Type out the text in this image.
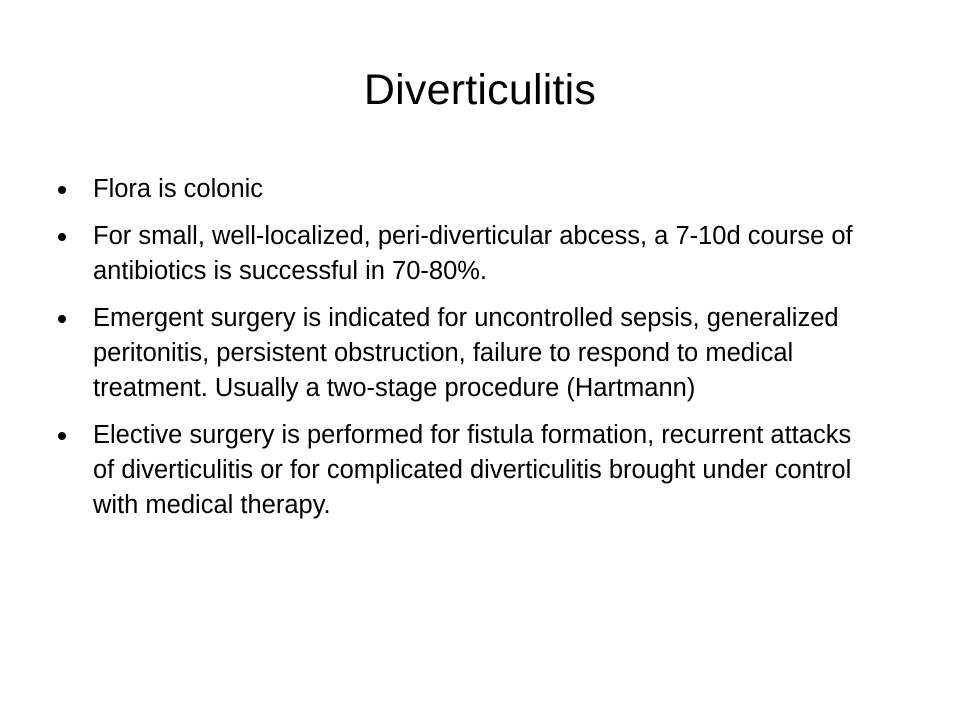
Diverticulitis
Flora is colonic
For small, well-localized, peri-diverticular abcess, a 7-10d course of antibiotics is successful in 70-80%.
Emergent surgery is indicated for uncontrolled sepsis, generalized peritonitis, persistent obstruction, failure to respond to medical treatment. Usually a two-stage procedure (Hartmann)
Elective surgery is performed for fistula formation, recurrent attacks of diverticulitis or for complicated diverticulitis brought under control with medical therapy.
